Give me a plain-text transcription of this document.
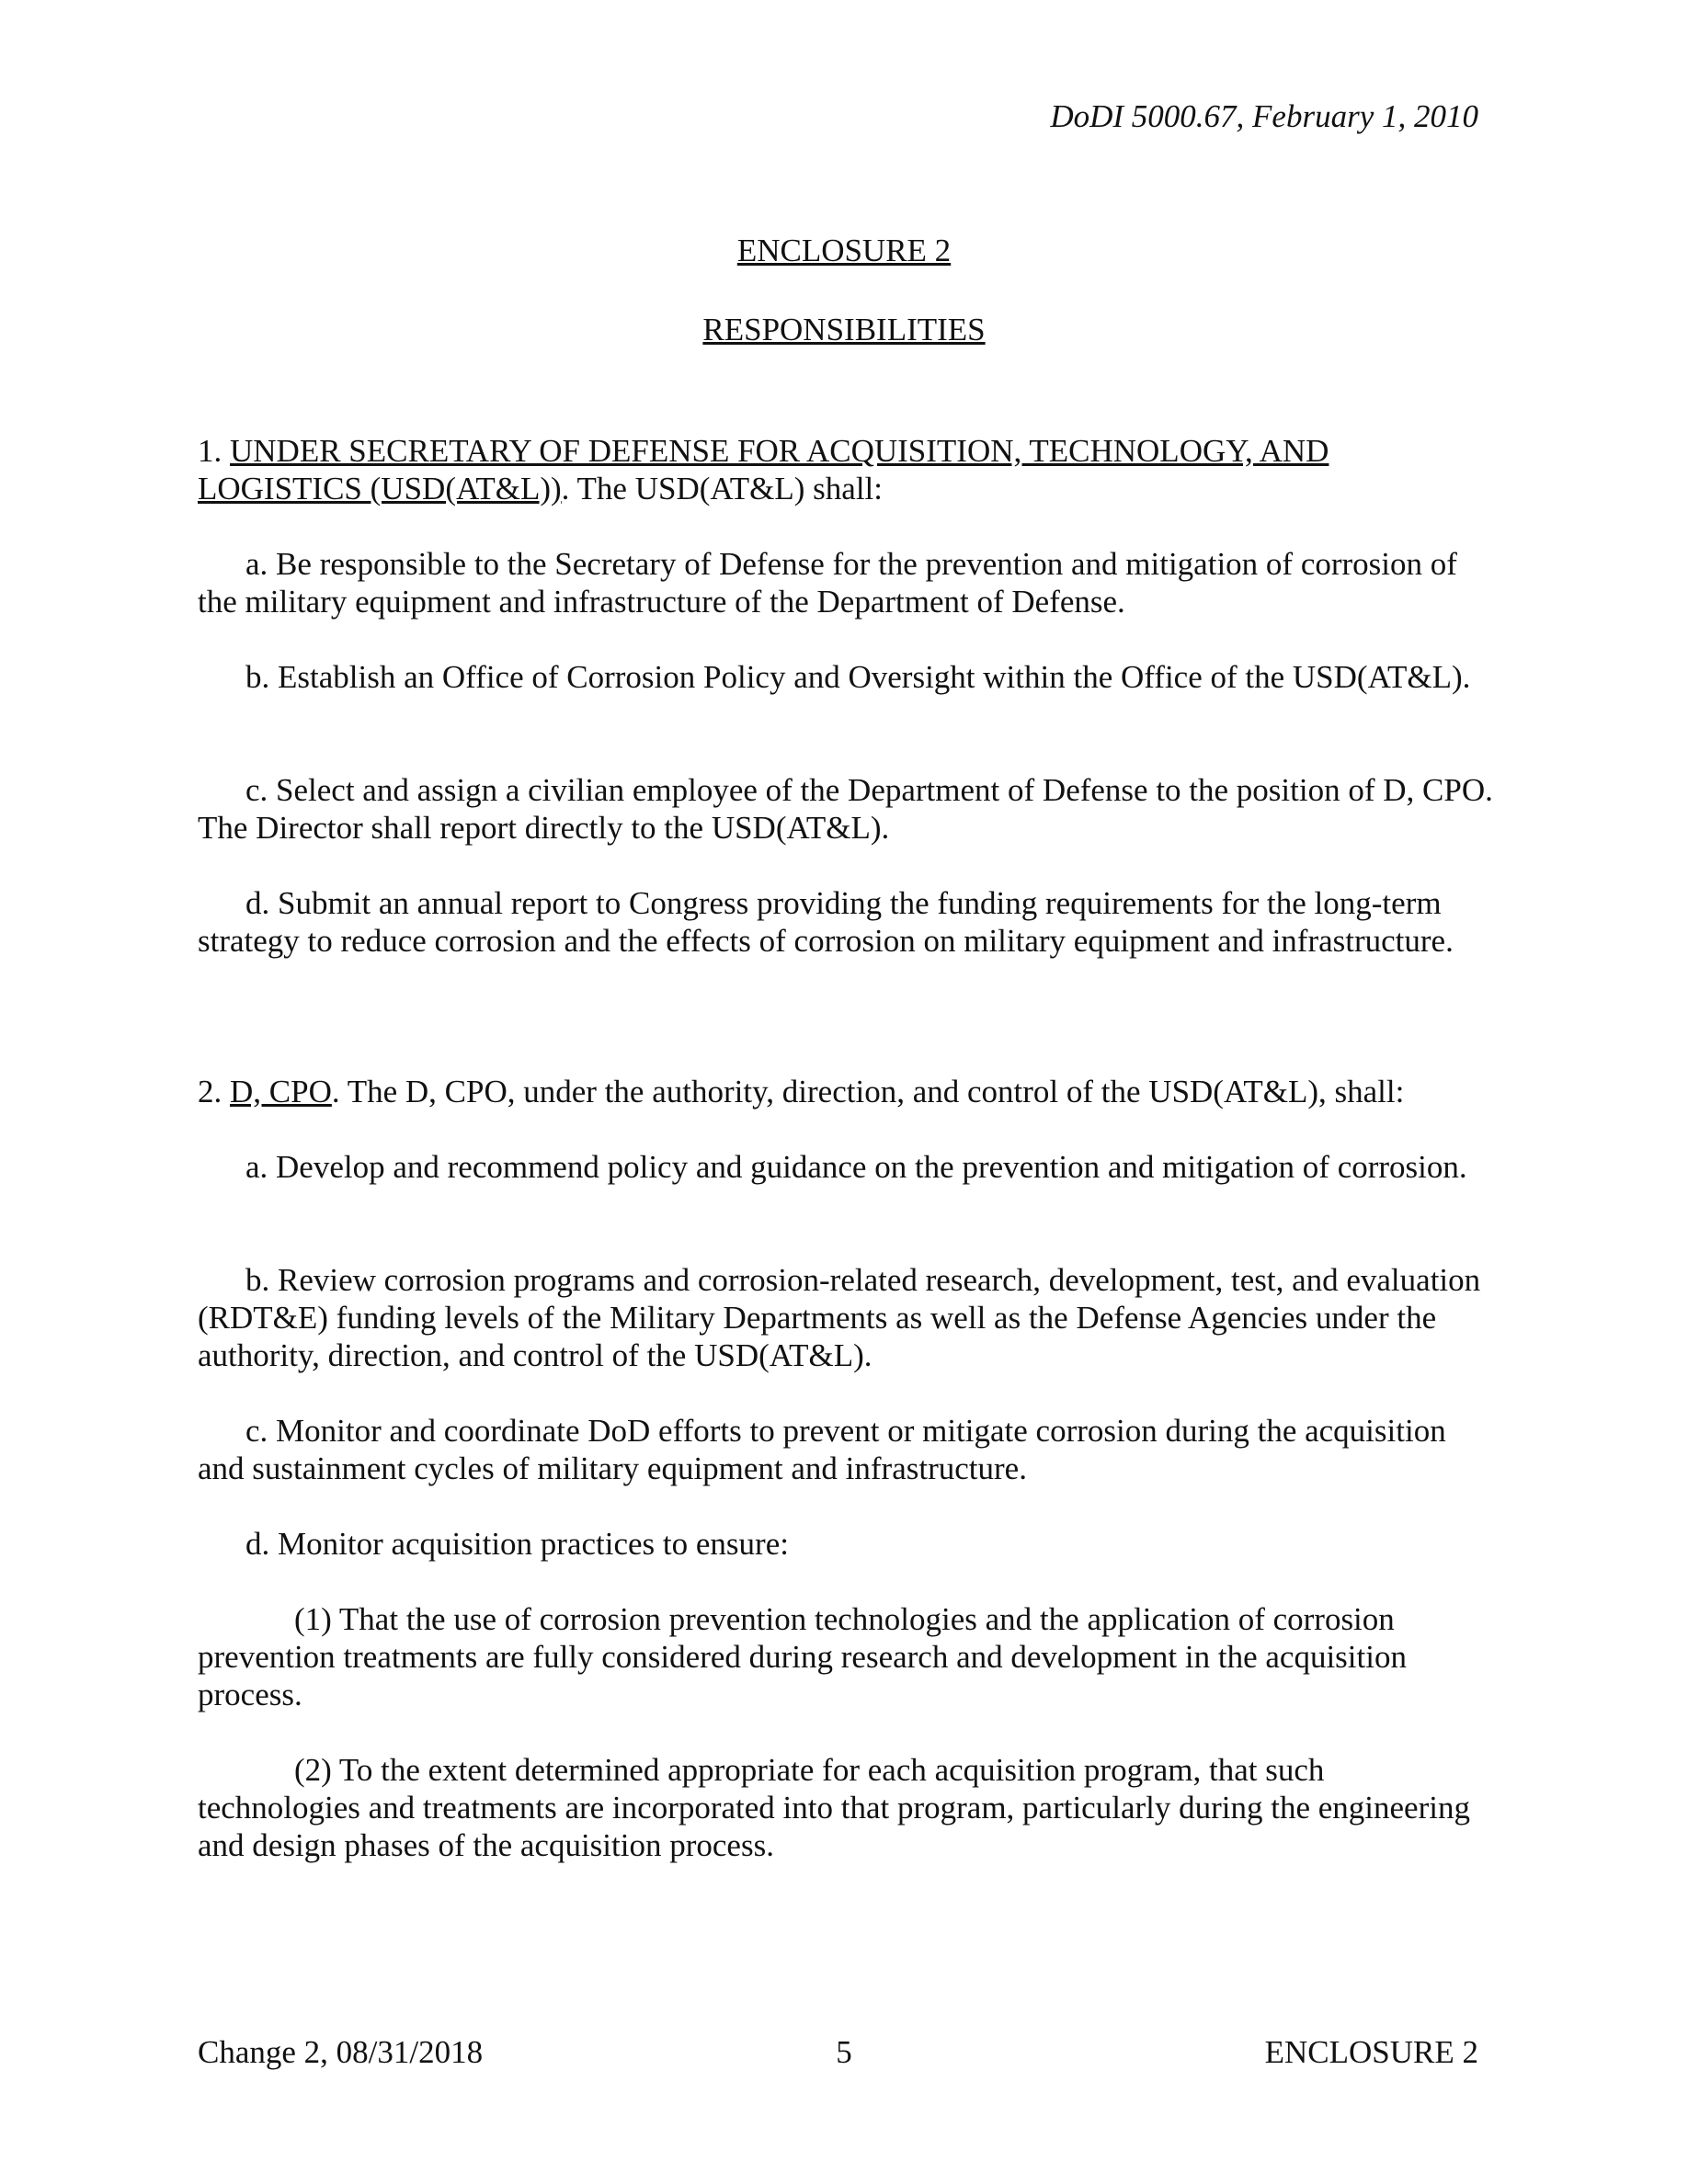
DoDI 5000.67, February 1, 2010
ENCLOSURE 2
RESPONSIBILITIES
1. UNDER SECRETARY OF DEFENSE FOR ACQUISITION, TECHNOLOGY, AND LOGISTICS (USD(AT&L)). The USD(AT&L) shall:
a. Be responsible to the Secretary of Defense for the prevention and mitigation of corrosion of the military equipment and infrastructure of the Department of Defense.
b. Establish an Office of Corrosion Policy and Oversight within the Office of the USD(AT&L).
c. Select and assign a civilian employee of the Department of Defense to the position of D, CPO. The Director shall report directly to the USD(AT&L).
d. Submit an annual report to Congress providing the funding requirements for the long-term strategy to reduce corrosion and the effects of corrosion on military equipment and infrastructure.
2. D, CPO. The D, CPO, under the authority, direction, and control of the USD(AT&L), shall:
a. Develop and recommend policy and guidance on the prevention and mitigation of corrosion.
b. Review corrosion programs and corrosion-related research, development, test, and evaluation (RDT&E) funding levels of the Military Departments as well as the Defense Agencies under the authority, direction, and control of the USD(AT&L).
c. Monitor and coordinate DoD efforts to prevent or mitigate corrosion during the acquisition and sustainment cycles of military equipment and infrastructure.
d. Monitor acquisition practices to ensure:
(1) That the use of corrosion prevention technologies and the application of corrosion prevention treatments are fully considered during research and development in the acquisition process.
(2) To the extent determined appropriate for each acquisition program, that such technologies and treatments are incorporated into that program, particularly during the engineering and design phases of the acquisition process.
Change 2, 08/31/2018	5	ENCLOSURE 2
